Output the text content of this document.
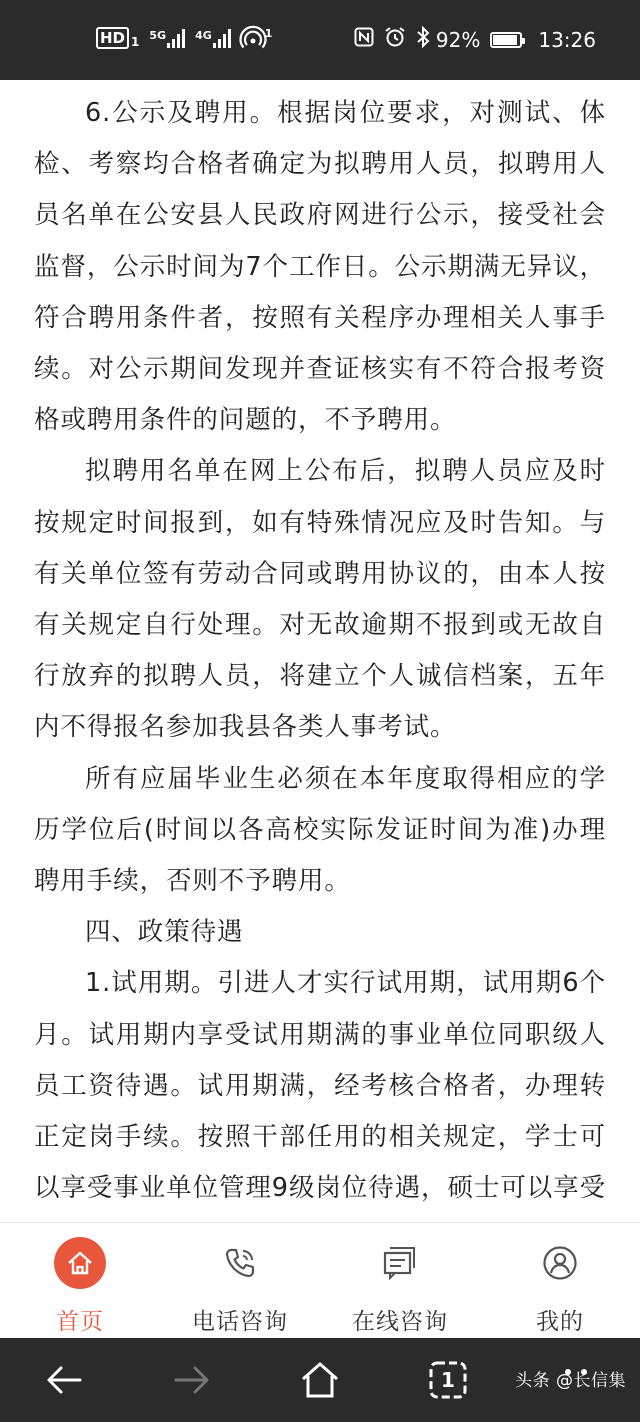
HD 1 5G	4G	1	92%	13:26

6.公示及聘用。根据岗位要求，对测试、体检、考察均合格者确定为拟聘用人员，拟聘用人员名单在公安县人民政府网进行公示，接受社会监督，公示时间为7个工作日。公示期满无异议，符合聘用条件者，按照有关程序办理相关人事手续。对公示期间发现并查证核实有不符合报考资格或聘用条件的问题的，不予聘用。

拟聘用名单在网上公布后，拟聘人员应及时按规定时间报到，如有特殊情况应及时告知。与有关单位签有劳动合同或聘用协议的，由本人按有关规定自行处理。对无故逾期不报到或无故自行放弃的拟聘人员，将建立个人诚信档案，五年内不得报名参加我县各类人事考试。

所有应届毕业生必须在本年度取得相应的学历学位后(时间以各高校实际发证时间为准)办理聘用手续，否则不予聘用。

四、政策待遇

1.试用期。引进人才实行试用期，试用期6个月。试用期内享受试用期满的事业单位同职级人员工资待遇。试用期满，经考核合格者，办理转正定岗手续。按照干部任用的相关规定，学士可以享受事业单位管理9级岗位待遇，硕士可以享受

首页	电话咨询	在线咨询	我的
1	头条 @长信集
